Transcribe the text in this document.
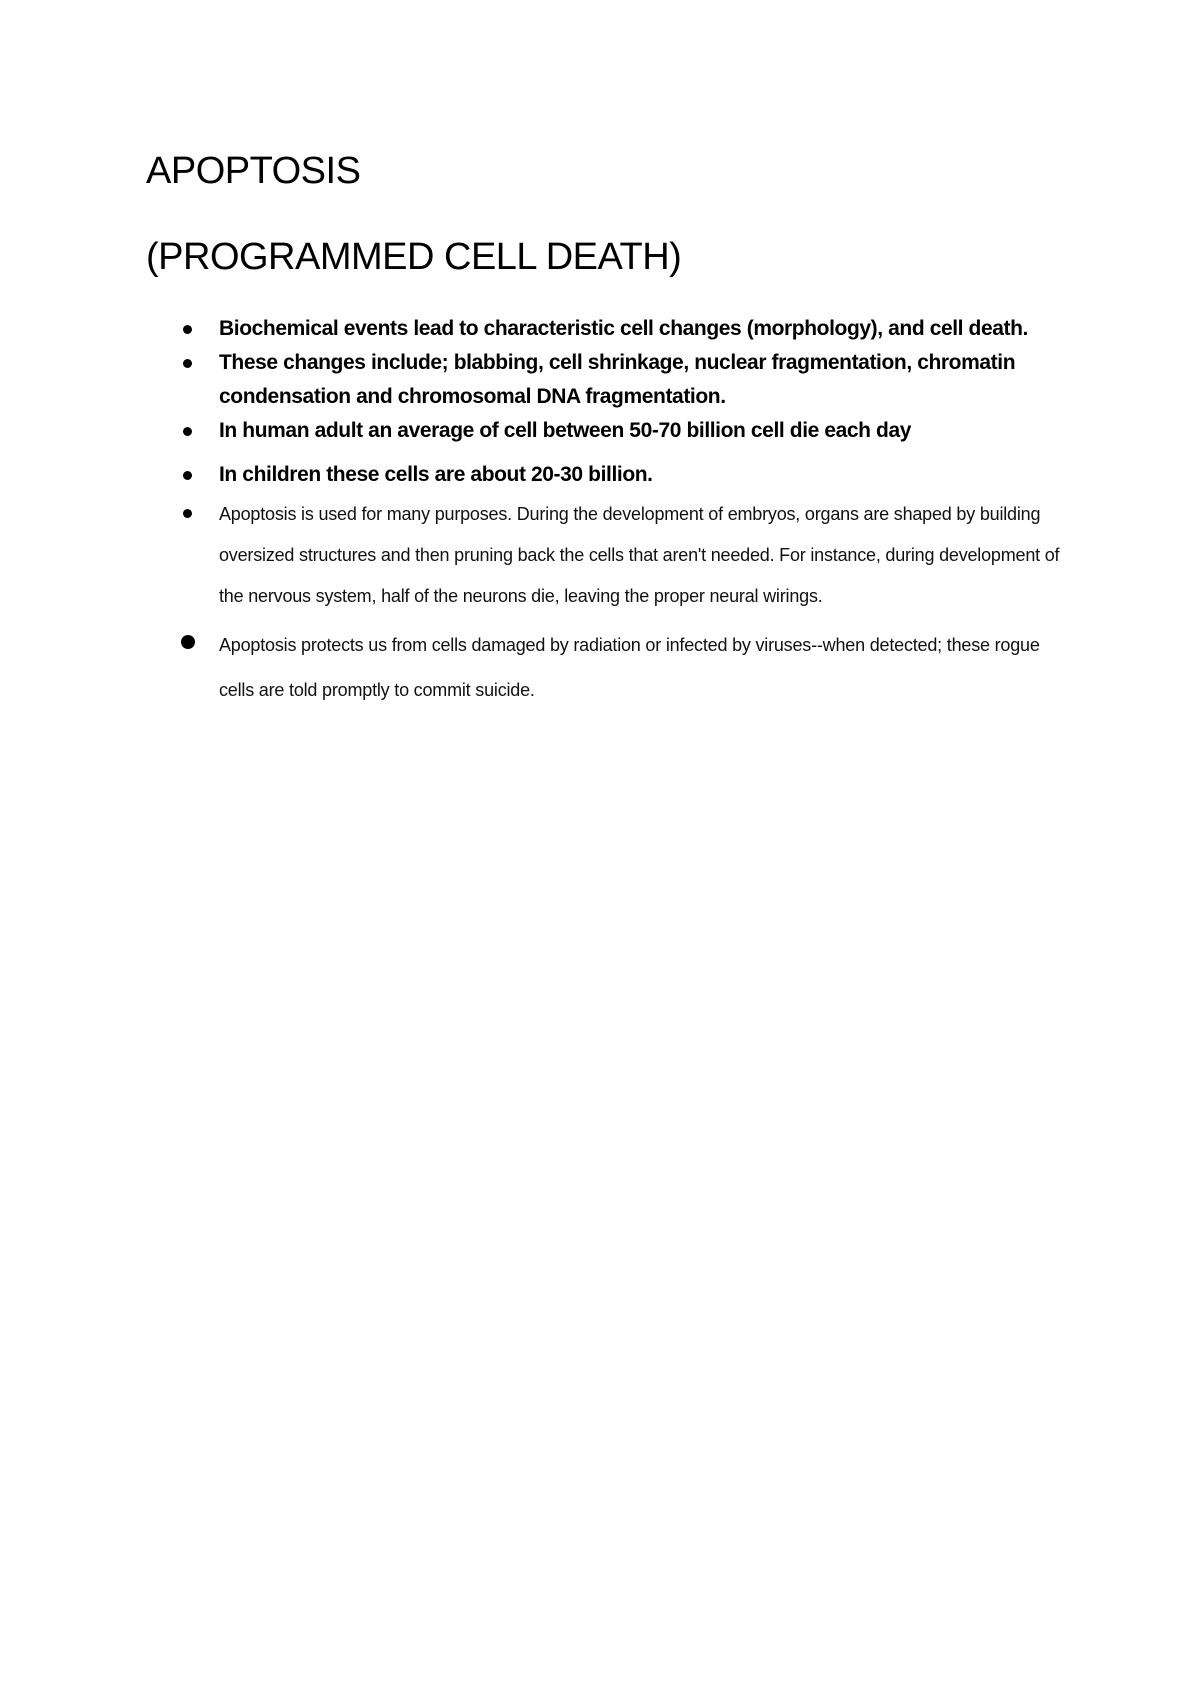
APOPTOSIS
(PROGRAMMED CELL DEATH)
Biochemical events lead to characteristic cell changes (morphology), and cell death.
These changes include; blabbing, cell shrinkage, nuclear fragmentation, chromatin condensation and chromosomal DNA fragmentation.
In human adult an average of cell between 50-70 billion cell die each day
In children these cells are about 20-30 billion.
Apoptosis is used for many purposes. During the development of embryos, organs are shaped by building oversized structures and then pruning back the cells that aren't needed. For instance, during development of the nervous system, half of the neurons die, leaving the proper neural wirings.
Apoptosis protects us from cells damaged by radiation or infected by viruses--when detected; these rogue cells are told promptly to commit suicide.
